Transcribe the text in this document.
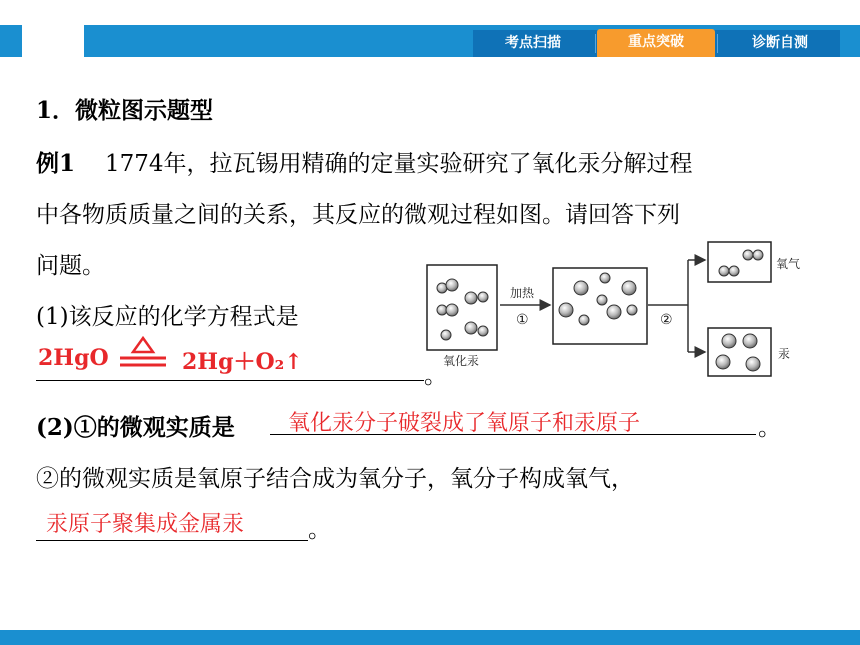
考点扫描	重点突破	诊断自测
1．微粒图示题型
例1 1774年，拉瓦锡用精确的定量实验研究了氧化汞分解过程
中各物质质量之间的关系，其反应的微观过程如图。请回答下列
问题。
(1)该反应的化学方程式是
2HgO	2Hg＋O₂↑
。
(2)①的微观实质是 氧化汞分子破裂成了氧原子和汞原子	。
②的微观实质是氧原子结合成为氧分子，氧分子构成氧气，
汞原子聚集成金属汞	。
氧化汞
加热
①	②
氧气
汞
